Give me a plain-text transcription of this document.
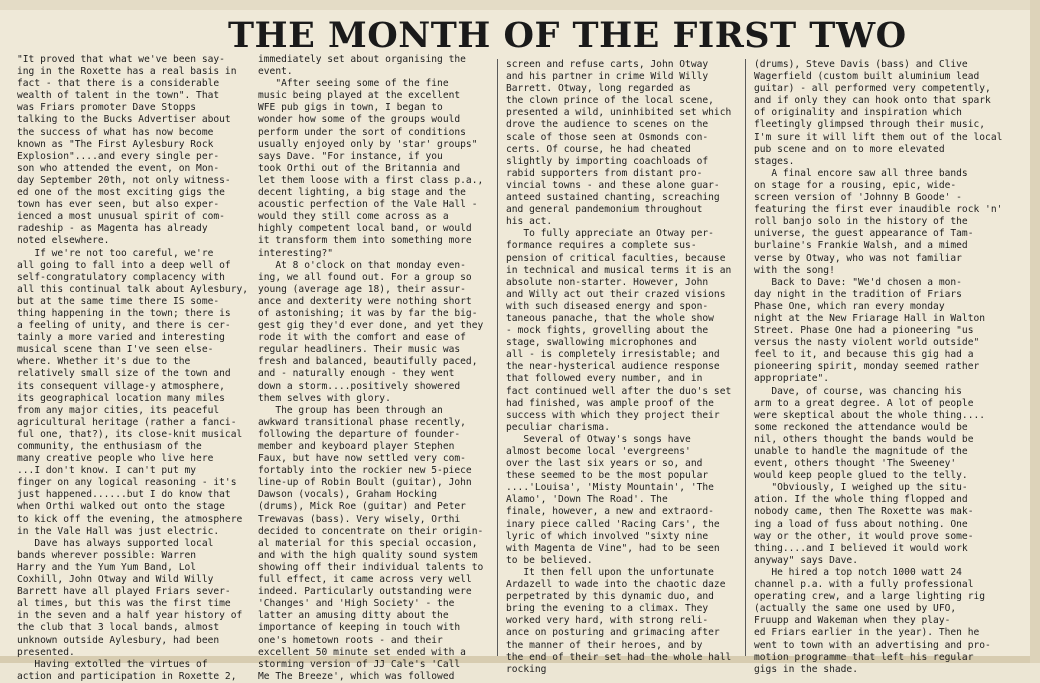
THE MONTH OF THE FIRST TWO
"It proved that what we've been say-
ing in the Roxette has a real basis in
fact - that there is a considerable
wealth of talent in the town". That
was Friars promoter Dave Stopps
talking to the Bucks Advertiser about
the success of what has now become
known as "The First Aylesbury Rock
Explosion"....and every single per-
son who attended the event, on Mon-
day September 20th, not only witness-
ed one of the most exciting gigs the
town has ever seen, but also exper-
ienced a most unusual spirit of com-
radeship - as Magenta has already
noted elsewhere.
If we're not too careful, we're
all going to fall into a deep well of
self-congratulatory complacency with
all this continual talk about Aylesbury,
but at the same time there IS some-
thing happening in the town; there is
a feeling of unity, and there is cer-
tainly a more varied and interesting
musical scene than I've seen else-
where. Whether it's due to the
relatively small size of the town and
its consequent village-y atmosphere,
its geographical location many miles
from any major cities, its peaceful
agricultural heritage (rather a fanci-
ful one, that?), its close-knit musical
community, the enthusiasm of the
many creative people who live here
...I don't know. I can't put my
finger on any logical reasoning - it's
just happened......but I do know that
when Orthi walked out onto the stage
to kick off the evening, the atmosphere
in the Vale Hall was just electric.
Dave has always supported local
bands wherever possible: Warren
Harry and the Yum Yum Band, Lol
Coxhill, John Otway and Wild Willy
Barrett have all played Friars sever-
al times, but this was the first time
in the seven and a half year history of
the club that 3 local bands, almost
unknown outside Aylesbury, had been
presented.
Having extolled the virtues of
action and participation in Roxette 2,
immediately set about organising the
event.
"After seeing some of the fine
music being played at the excellent
WFE pub gigs in town, I began to
wonder how some of the groups would
perform under the sort of conditions
usually enjoyed only by 'star' groups"
says Dave. "For instance, if you
took Orthi out of the Britannia and
let them loose with a first class p.a.,
decent lighting, a big stage and the
acoustic perfection of the Vale Hall -
would they still come across as a
highly competent local band, or would
it transform them into something more
interesting?"
At 8 o'clock on that monday even-
ing, we all found out. For a group so
young (average age 18), their assur-
ance and dexterity were nothing short
of astonishing; it was by far the big-
gest gig they'd ever done, and yet they
rode it with the comfort and ease of
regular headliners. Their music was
fresh and balanced, beautifully paced,
and - naturally enough - they went
down a storm....positively showered
them selves with glory.
The group has been through an
awkward transitional phase recently,
following the departure of founder-
member and keyboard player Stephen
Faux, but have now settled very com-
fortably into the rockier new 5-piece
line-up of Robin Boult (guitar), John
Dawson (vocals), Graham Hocking
(drums), Mick Roe (guitar) and Peter
Trewavas (bass). Very wisely, Orthi
decided to concentrate on their origin-
al material for this special occasion,
and with the high quality sound system
showing off their individual talents to
full effect, it came across very well
indeed. Particularly outstanding were
'Changes' and 'High Society' - the
latter an amusing ditty about the
importance of keeping in touch with
one's hometown roots - and their
excellent 50 minute set ended with a
storming version of JJ Cale's 'Call
Me The Breeze', which was followed
screen and refuse carts, John Otway
and his partner in crime Wild Willy
Barrett. Otway, long regarded as
the clown prince of the local scene,
presented a wild, uninhibited set which
drove the audience to scenes on the
scale of those seen at Osmonds con-
certs. Of course, he had cheated
slightly by importing coachloads of
rabid supporters from distant pro-
vincial towns - and these alone guar-
anteed sustained chanting, screaching
and general pandemonium throughout
his act.
To fully appreciate an Otway per-
formance requires a complete sus-
pension of critical faculties, because
in technical and musical terms it is an
absolute non-starter. However, John
and Willy act out their crazed visions
with such diseased energy and spon-
taneous panache, that the whole show
- mock fights, grovelling about the
stage, swallowing microphones and
all - is completely irresistable; and
the near-hysterical audience response
that followed every number, and in
fact continued well after the duo's set
had finished, was ample proof of the
success with which they project their
peculiar charisma.
Several of Otway's songs have
almost become local 'evergreens'
over the last six years or so, and
these seemed to be the most popular
....'Louisa', 'Misty Mountain', 'The
Alamo', 'Down The Road'. The
finale, however, a new and extraord-
inary piece called 'Racing Cars', the
lyric of which involved "sixty nine
with Magenta de Vine", had to be seen
to be believed.
It then fell upon the unfortunate
Ardazell to wade into the chaotic daze
perpetrated by this dynamic duo, and
bring the evening to a climax. They
worked very hard, with strong reli-
ance on posturing and grimacing after
the manner of their heroes, and by
the end of their set had the whole hall
rocking
(drums), Steve Davis (bass) and Clive
Wagerfield (custom built aluminium lead
guitar) - all performed very competently,
and if only they can hook onto that spark
of originality and inspiration which
fleetingly glimpsed through their music,
I'm sure it will lift them out of the local
pub scene and on to more elevated
stages.
A final encore saw all three bands
on stage for a rousing, epic, wide-
screen version of 'Johnny B Goode' -
featuring the first ever inaudible rock 'n'
roll banjo solo in the history of the
universe, the guest appearance of Tam-
burlaine's Frankie Walsh, and a mimed
verse by Otway, who was not familiar
with the song!
Back to Dave: "We'd chosen a mon-
day night in the tradition of Friars
Phase One, which ran every monday
night at the New Friarage Hall in Walton
Street. Phase One had a pioneering "us
versus the nasty violent world outside"
feel to it, and because this gig had a
pioneering spirit, monday seemed rather
appropriate".
Dave, of course, was chancing his
arm to a great degree. A lot of people
were skeptical about the whole thing....
some reckoned the attendance would be
nil, others thought the bands would be
unable to handle the magnitude of the
event, others thought 'The Sweeney'
would keep people glued to the telly.
"Obviously, I weighed up the situ-
ation. If the whole thing flopped and
nobody came, then The Roxette was mak-
ing a load of fuss about nothing. One
way or the other, it would prove some-
thing....and I believed it would work
anyway" says Dave.
He hired a top notch 1000 watt 24
channel p.a. with a fully professional
operating crew, and a large lighting rig
(actually the same one used by UFO,
Fruupp and Wakeman when they play-
ed Friars earlier in the year). Then he
went to town with an advertising and pro-
motion programme that left his regular
gigs in the shade.
